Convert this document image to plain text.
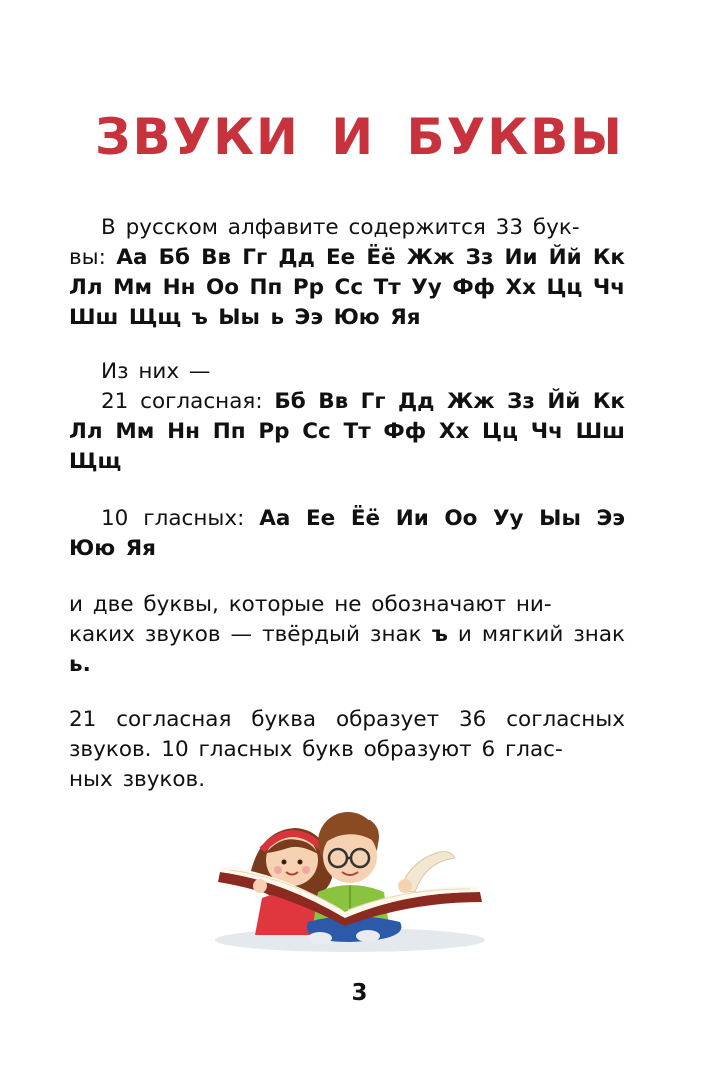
ЗВУКИ И БУКВЫ

В русском алфавите содержится 33 бук-
вы: Аа Бб Вв Гг Дд Ее Ёё Жж Зз Ии Йй Кк Лл Мм Нн Оо Пп Рр Сс Тт Уу Фф Хх Цц Чч Шш Щщ ъ Ыы ь Ээ Юю Яя

Из них —
21 согласная: Бб Вв Гг Дд Жж Зз Йй Кк Лл Мм Нн Пп Рр Сс Тт Фф Хх Цц Чч Шш Щщ

10 гласных: Аа Ее Ёё Ии Оо Уу Ыы Ээ Юю Яя

и две буквы, которые не обозначают ни-
каких звуков — твёрдый знак ъ и мягкий знак ь.

21 согласная буква образует 36 согласных звуков. 10 гласных букв образуют 6 глас-
ных звуков.

3
